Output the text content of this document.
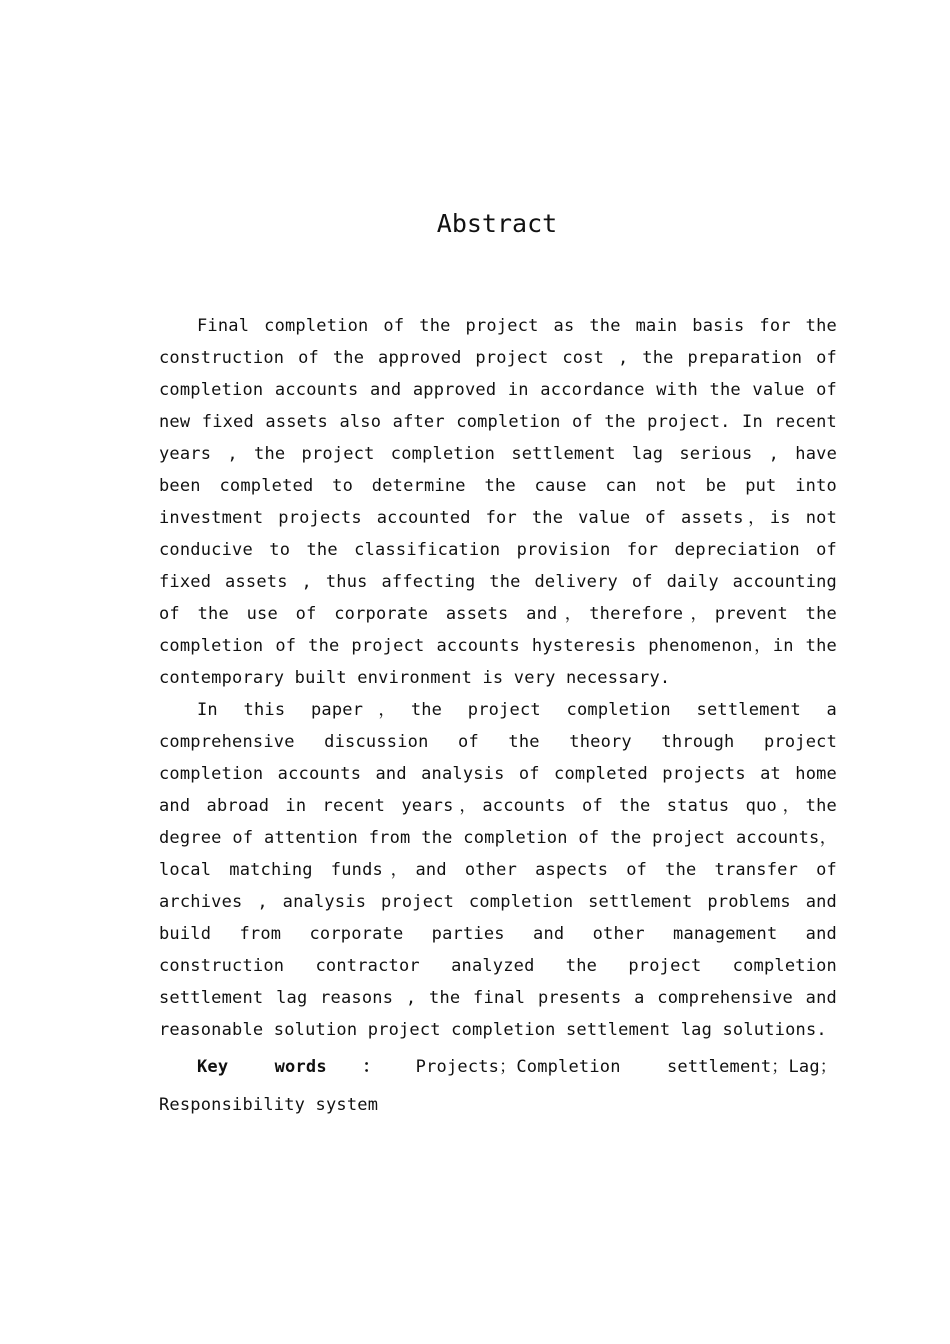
Abstract

Final completion of the project as the main basis for the construction of the approved project cost , the preparation of completion accounts and approved in accordance with the value of new fixed assets also after completion of the project. In recent years , the project completion settlement lag serious , have been completed to determine the cause can not be put into investment projects accounted for the value of assets，is not conducive to the classification provision for depreciation of fixed assets , thus affecting the delivery of daily accounting of the use of corporate assets and，therefore，prevent the completion of the project accounts hysteresis phenomenon，in the contemporary built environment is very necessary.

In this paper，the project completion settlement a comprehensive discussion of the theory through project completion accounts and analysis of completed projects at home and abroad in recent years，accounts of the status quo，the degree of attention from the completion of the project accounts，local matching funds，and other aspects of the transfer of archives , analysis project completion settlement problems and build from corporate parties and other management and construction contractor analyzed the project completion settlement lag reasons , the final presents a comprehensive and reasonable solution project completion settlement lag solutions.

Key words：Projects；Completion settlement；Lag；Responsibility system
